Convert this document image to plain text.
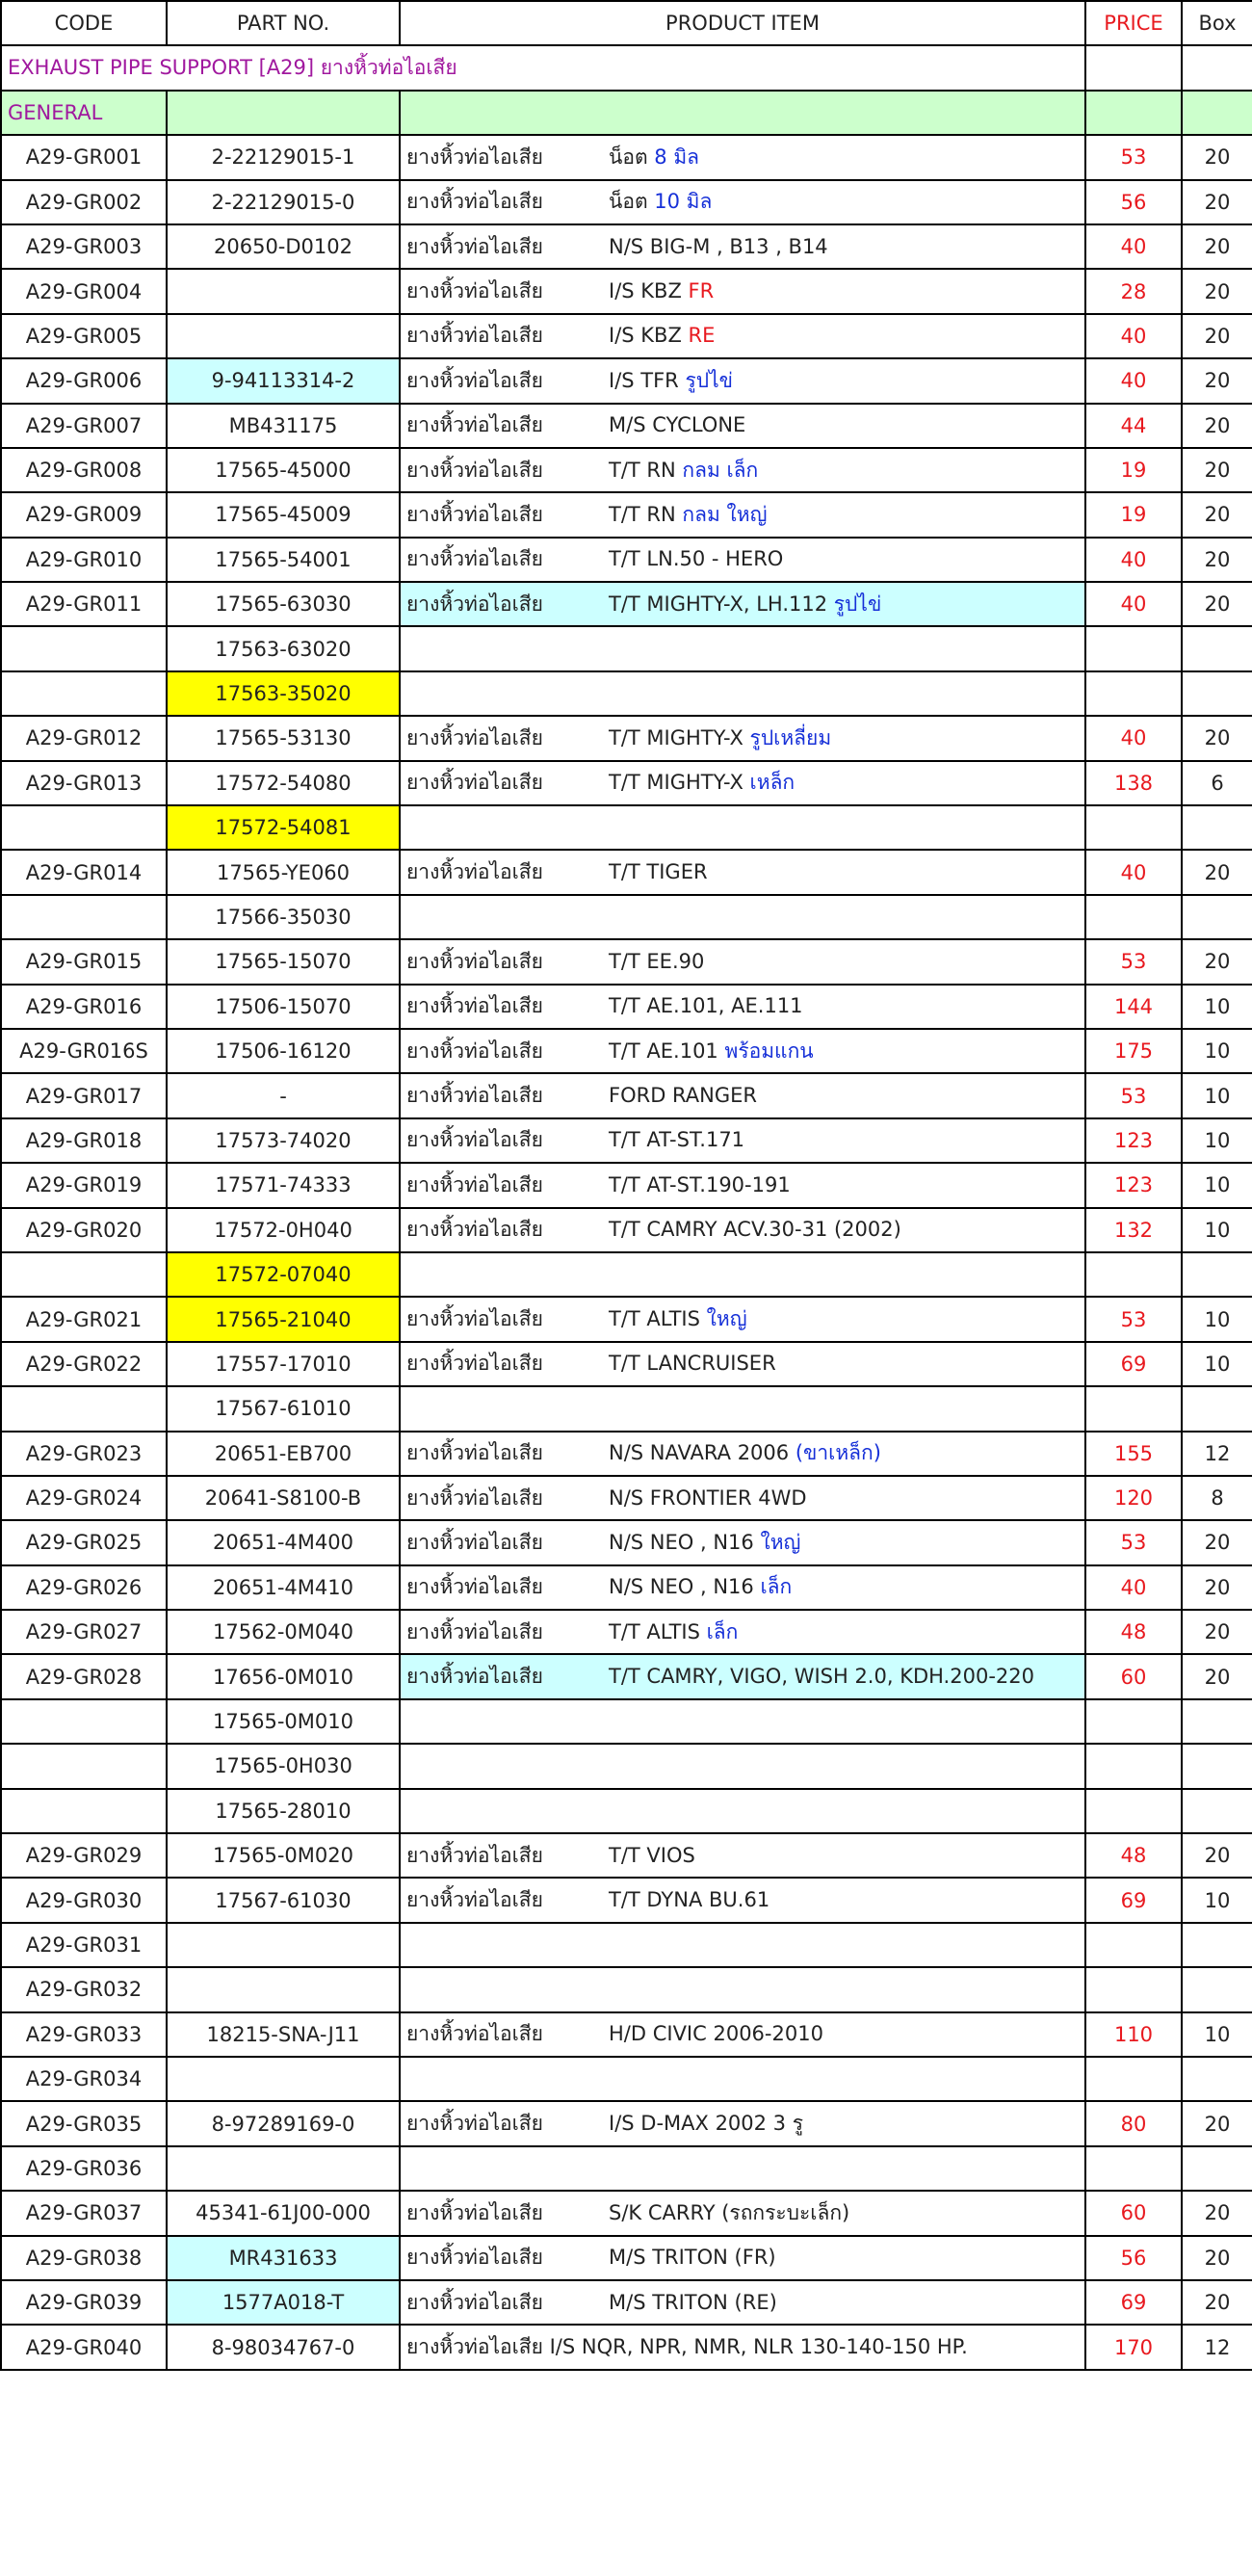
CODE	PART NO.	PRODUCT ITEM	PRICE	Box
EXHAUST PIPE SUPPORT [A29] ยางหิ้วท่อไอเสีย				
GENERAL				
A29-GR001	2-22129015-1	ยางหิ้วท่อไอเสีย น็อต 8 มิล	53	20
A29-GR002	2-22129015-0	ยางหิ้วท่อไอเสีย น็อต 10 มิล	56	20
A29-GR003	20650-D0102	ยางหิ้วท่อไอเสีย N/S BIG-M , B13 , B14	40	20
A29-GR004		ยางหิ้วท่อไอเสีย I/S KBZ FR	28	20
A29-GR005		ยางหิ้วท่อไอเสีย I/S KBZ RE	40	20
A29-GR006	9-94113314-2	ยางหิ้วท่อไอเสีย I/S TFR รูปไข่	40	20
A29-GR007	MB431175	ยางหิ้วท่อไอเสีย M/S CYCLONE	44	20
A29-GR008	17565-45000	ยางหิ้วท่อไอเสีย T/T RN กลม เล็ก	19	20
A29-GR009	17565-45009	ยางหิ้วท่อไอเสีย T/T RN กลม ใหญ่	19	20
A29-GR010	17565-54001	ยางหิ้วท่อไอเสีย T/T LN.50 - HERO	40	20
A29-GR011	17565-63030	ยางหิ้วท่อไอเสีย T/T MIGHTY-X, LH.112 รูปไข่	40	20
	17563-63020			
	17563-35020			
A29-GR012	17565-53130	ยางหิ้วท่อไอเสีย T/T MIGHTY-X รูปเหลี่ยม	40	20
A29-GR013	17572-54080	ยางหิ้วท่อไอเสีย T/T MIGHTY-X เหล็ก	138	6
	17572-54081			
A29-GR014	17565-YE060	ยางหิ้วท่อไอเสีย T/T TIGER	40	20
	17566-35030			
A29-GR015	17565-15070	ยางหิ้วท่อไอเสีย T/T EE.90	53	20
A29-GR016	17506-15070	ยางหิ้วท่อไอเสีย T/T AE.101, AE.111	144	10
A29-GR016S	17506-16120	ยางหิ้วท่อไอเสีย T/T AE.101 พร้อมแกน	175	10
A29-GR017	-	ยางหิ้วท่อไอเสีย FORD RANGER	53	10
A29-GR018	17573-74020	ยางหิ้วท่อไอเสีย T/T AT-ST.171	123	10
A29-GR019	17571-74333	ยางหิ้วท่อไอเสีย T/T AT-ST.190-191	123	10
A29-GR020	17572-0H040	ยางหิ้วท่อไอเสีย T/T CAMRY ACV.30-31 (2002)	132	10
	17572-07040			
A29-GR021	17565-21040	ยางหิ้วท่อไอเสีย T/T ALTIS ใหญ่	53	10
A29-GR022	17557-17010	ยางหิ้วท่อไอเสีย T/T LANCRUISER	69	10
	17567-61010			
A29-GR023	20651-EB700	ยางหิ้วท่อไอเสีย N/S NAVARA 2006 (ขาเหล็ก)	155	12
A29-GR024	20641-S8100-B	ยางหิ้วท่อไอเสีย N/S FRONTIER 4WD	120	8
A29-GR025	20651-4M400	ยางหิ้วท่อไอเสีย N/S NEO , N16 ใหญ่	53	20
A29-GR026	20651-4M410	ยางหิ้วท่อไอเสีย N/S NEO , N16 เล็ก	40	20
A29-GR027	17562-0M040	ยางหิ้วท่อไอเสีย T/T ALTIS เล็ก	48	20
A29-GR028	17656-0M010	ยางหิ้วท่อไอเสีย T/T CAMRY, VIGO, WISH 2.0, KDH.200-220	60	20
	17565-0M010			
	17565-0H030			
	17565-28010			
A29-GR029	17565-0M020	ยางหิ้วท่อไอเสีย T/T VIOS	48	20
A29-GR030	17567-61030	ยางหิ้วท่อไอเสีย T/T DYNA BU.61	69	10
A29-GR031				
A29-GR032				
A29-GR033	18215-SNA-J11	ยางหิ้วท่อไอเสีย H/D CIVIC 2006-2010	110	10
A29-GR034				
A29-GR035	8-97289169-0	ยางหิ้วท่อไอเสีย I/S D-MAX 2002 3 รู	80	20
A29-GR036				
A29-GR037	45341-61J00-000	ยางหิ้วท่อไอเสีย S/K CARRY (รถกระบะเล็ก)	60	20
A29-GR038	MR431633	ยางหิ้วท่อไอเสีย M/S TRITON (FR)	56	20
A29-GR039	1577A018-T	ยางหิ้วท่อไอเสีย M/S TRITON (RE)	69	20
A29-GR040	8-98034767-0	ยางหิ้วท่อไอเสีย I/S NQR, NPR, NMR, NLR 130-140-150 HP.	170	12
